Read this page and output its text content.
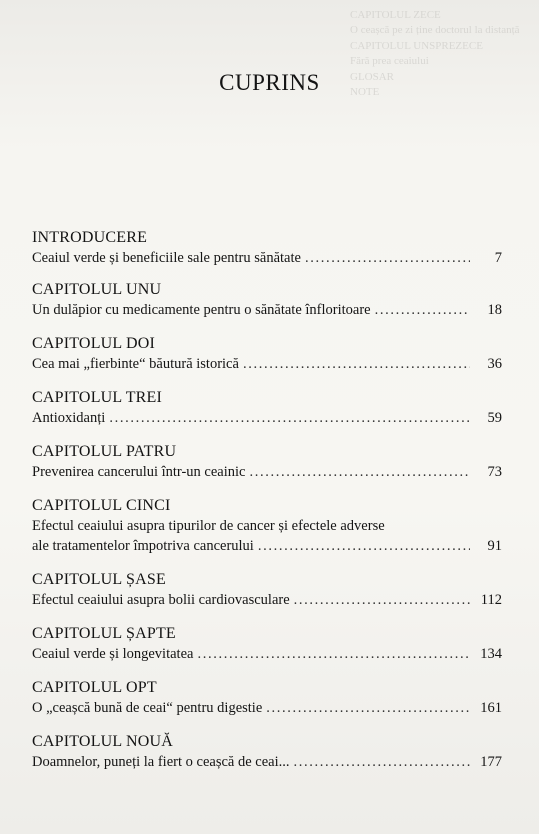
CAPITOLUL ZECE
O ceașcă pe zi ține doctorul la distanță
CAPITOLUL UNSPREZECE
Fără prea ceaiului
GLOSAR
NOTE
CUPRINS
INTRODUCERE
Ceaiul verde și beneficiile sale pentru sănătate . . .	7
CAPITOLUL UNU
Un dulăpior cu medicamente pentru o sănătate înfloritoare . . .	18
CAPITOLUL DOI
Cea mai „fierbinte“ băutură istorică . . .	36
CAPITOLUL TREI
Antioxidanți . . .	59
CAPITOLUL PATRU
Prevenirea cancerului într-un ceainic . . .	73
CAPITOLUL CINCI
Efectul ceaiului asupra tipurilor de cancer și efectele adverse
ale tratamentelor împotriva cancerului . . .	91
CAPITOLUL ȘASE
Efectul ceaiului asupra bolii cardiovasculare . . .	112
CAPITOLUL ȘAPTE
Ceaiul verde și longevitatea . . .	134
CAPITOLUL OPT
O „ceașcă bună de ceai“ pentru digestie . . .	161
CAPITOLUL NOUĂ
Doamnelor, puneți la fiert o ceașcă de ceai... . . .	177
